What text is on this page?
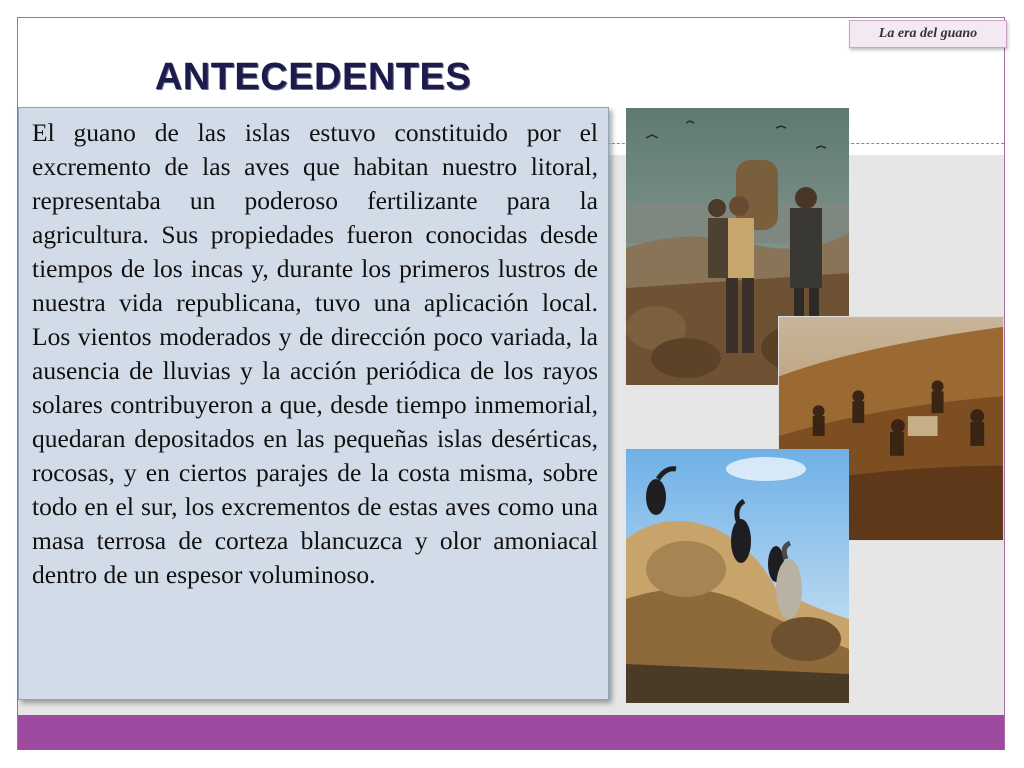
La era del guano
ANTECEDENTES

El guano de las islas estuvo constituido por el excremento de las aves que habitan nuestro litoral, representaba un poderoso fertilizante para la agricultura. Sus propiedades fueron conocidas desde tiempos de los incas y, durante los primeros lustros de nuestra vida republicana, tuvo una aplicación local. Los vientos moderados y de dirección poco variada, la ausencia de lluvias y la acción periódica de los rayos solares contribuyeron a que, desde tiempo inmemorial, quedaran depositados en las pequeñas islas desérticas, rocosas, y en ciertos parajes de la costa misma, sobre todo en el sur, los excrementos de estas aves como una masa terrosa de corteza blancuzca y olor amoniacal dentro de un espesor voluminoso.
